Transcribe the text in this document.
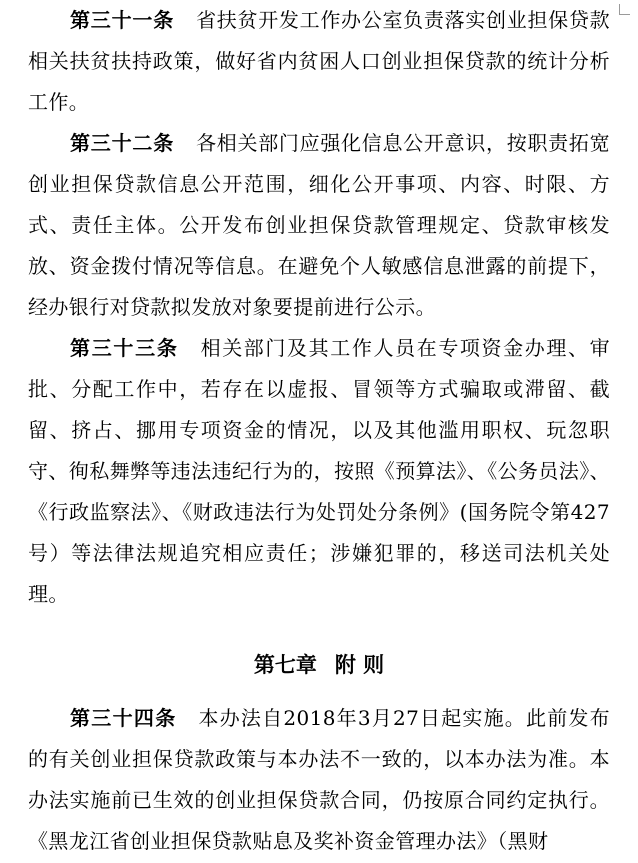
第三十一条 省扶贫开发工作办公室负责落实创业担保贷款相关扶贫扶持政策，做好省内贫困人口创业担保贷款的统计分析工作。

第三十二条 各相关部门应强化信息公开意识，按职责拓宽创业担保贷款信息公开范围，细化公开事项、内容、时限、方式、责任主体。公开发布创业担保贷款管理规定、贷款审核发放、资金拨付情况等信息。在避免个人敏感信息泄露的前提下，经办银行对贷款拟发放对象要提前进行公示。

第三十三条 相关部门及其工作人员在专项资金办理、审批、分配工作中，若存在以虚报、冒领等方式骗取或滞留、截留、挤占、挪用专项资金的情况，以及其他滥用职权、玩忽职守、徇私舞弊等违法违纪行为的，按照《预算法》、《公务员法》、《行政监察法》、《财政违法行为处罚处分条例》(国务院令第427号）等法律法规追究相应责任；涉嫌犯罪的，移送司法机关处理。

第七章 附 则

第三十四条 本办法自2018年3月27日起实施。此前发布的有关创业担保贷款政策与本办法不一致的，以本办法为准。本办法实施前已生效的创业担保贷款合同，仍按原合同约定执行。《黑龙江省创业担保贷款贴息及奖补资金管理办法》（黑财
